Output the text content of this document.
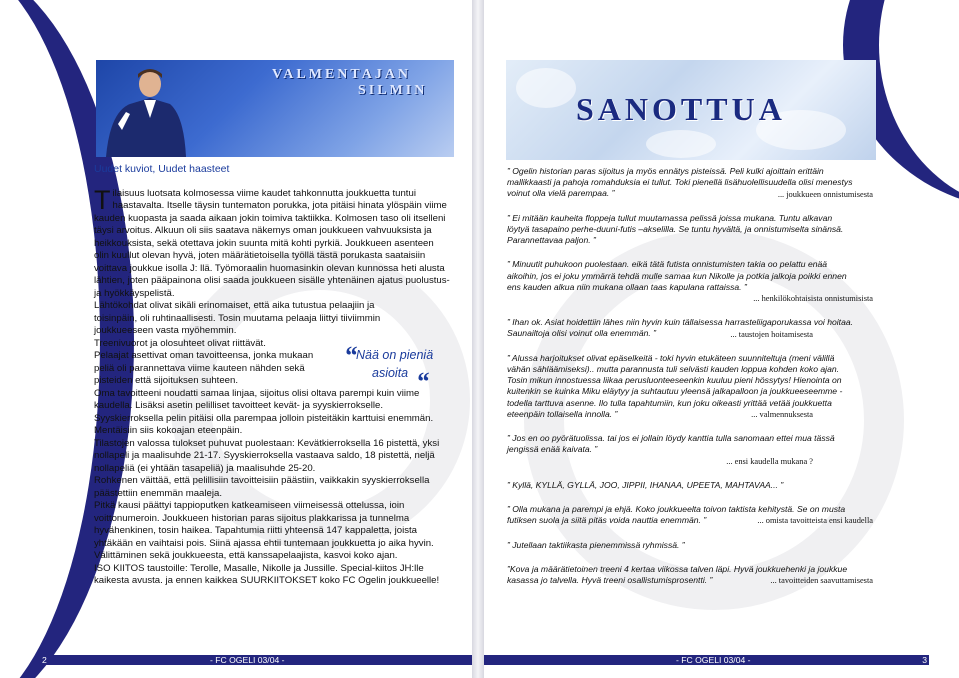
VALMENTAJAN
SILMIN

Uudet kuviot, Uudet haasteet

T ilaisuus luotsata kolmosessa viime kaudet tahkonnutta joukkuetta tuntui haastavalta. Itselle täysin tuntematon porukka, jota pitäisi hinata ylöspäin viime kauden kuopasta ja saada aikaan jokin toimiva taktiikka. Kolmosen taso oli itselleni täysi arvoitus. Alkuun oli siis saatava näkemys oman joukkueen vahvuuksista ja heikkouksista, sekä otettava jokin suunta mitä kohti pyrkiä. Joukkueen asenteen olin kuullut olevan hyvä, joten määrätietoisella työllä tästä porukasta saataisiin voittava joukkue isolla J: llä. Työmoraalin huomasinkin olevan kunnossa heti alusta lähtien, joten pääpainona olisi saada joukkueen sisälle yhtenäinen ajatus puolustus- ja hyökkäyspelistä.

Lähtökohdat olivat sikäli erinomaiset, että aika tutustua pelaajiin ja toisinpäin, oli ruhtinaallisesti. Tosin muutama pelaaja liittyi tiiviimmin joukkueeseen vasta myöhemmin.

Treenivuorot ja olosuhteet olivat riittävät.

Pelaajat asettivat oman tavoitteensa, jonka mukaan peliä oli parannettava viime kauteen nähden sekä pisteiden että sijoituksen suhteen.

Oma tavoitteeni noudatti samaa linjaa, sijoitus olisi oltava parempi kuin viime kaudella. Lisäksi asetin pelilliset tavoitteet kevät- ja syyskierrokselle. Syyskierroksella pelin pitäisi olla parempaa jolloin pisteitäkin karttuisi enemmän. Mentäisiin siis kokoajan eteenpäin.

Tilastojen valossa tulokset puhuvat puolestaan: Kevätkierroksella 16 pistettä, yksi nollapeli ja maalisuhde 21-17. Syyskierroksella vastaava saldo, 18 pistettä, neljä nollapeliä (ei yhtään tasapeliä) ja maalisuhde 25-20.

Rohkenen väittää, että pelillisiin tavoitteisiin päästiin, vaikkakin syyskierroksella päästettiin enemmän maaleja.

Pitkä kausi päättyi tappioputken katkeamiseen viimeisessä ottelussa, ioin voittonumeroin. Joukkueen historian paras sijoitus plakkarissa ja tunnelma hyvähenkinen, tosin haikea. Tapahtumia riitti yhteensä 147 kappaletta, joista yhtäkään en vaihtaisi pois. Siinä ajassa ehtii tuntemaan joukkuetta jo aika hyvin. Välittäminen sekä joukkueesta, että kanssapelaajista, kasvoi koko ajan.

ISO KIITOS taustoille: Terolle, Masalle, Nikolle ja Jussille. Special-kiitos JH:lle kaikesta avusta. ja ennen kaikkea SUURKIITOKSET koko FC Ogelin joukkueelle!

“ Nää on pieniä
asioita “
2	- FC OGELI 03/04 -
SANOTTUA

” Ogelin historian paras sijoitus ja myös ennätys pisteissä. Peli kulki ajoittain erittäin mallikkaasti ja pahoja romahduksia ei tullut. Toki pienellä lisähuolellisuudella olisi menestys voinut olla vielä parempaa. ”	... joukkueen onnistumisesta

” Ei mitään kauheita floppeja tullut muutamassa pelissä joissa mukana. Tuntu alkavan löytyä tasapaino perhe-duuni-futis –akselilla. Se tuntu hyvältä, ja onnistumiselta sinänsä. Parannettavaa paljon. ”

” Minuutit puhukoon puolestaan. eikä tätä futista onnistumisten takia oo pelattu enää aikoihin, jos ei joku ymmärrä tehdä mulle samaa kun Nikolle ja potkia jalkoja poikki ennen ens kauden alkua niin mukana ollaan taas kapulana rattaissa. ”

... henkilökohtaisista onnistumisista

” Ihan ok. Asiat hoidettiin lähes niin hyvin kuin tällaisessa harrasteliigaporukassa voi hoitaa. Saunailtoja olisi voinut olla enemmän. ”	... taustojen hoitamisesta

” Alussa harjoitukset olivat epäselkeitä - toki hyvin etukäteen suunniteltuja (meni välillä vähän sähläämiseksi).. mutta parannusta tuli selvästi kauden loppua kohden koko ajan. Tosin mikun innostuessa liikaa perusluonteeseenkin kuuluu pieni hössytys! Hienointa on kuitenkin se kuinka Miku eläytyy ja suhtautuu yleensä jalkapalloon ja joukkueeseemme - todella tarttuva asenne. Ilo tulla tapahtumiin, kun joku oikeasti yrittää vetää joukkuetta eteenpäin tollaisella innolla. ”	... valmennuksesta

” Jos en oo pyörätuolissa. tai jos ei jollain löydy kanttia tulla sanomaan ettei mua tässä jengissä enää kaivata. ”

... ensi kaudella mukana ?

” Kyllä, KYLLÄ, GYLLÄ, JOO, JIPPII, IHANAA, UPEETA, MAHTAVAA... ”

” Olla mukana ja parempi ja ehjä. Koko joukkueelta toivon taktista kehitystä. Se on musta futiksen suola ja siitä pitäs voida nauttia enemmän. ”	... omista tavoitteista ensi kaudella

” Jutellaan taktiikasta pienemmissä ryhmissä. ”

”Kova ja määrätietoinen treeni 4 kertaa viikossa talven läpi. Hyvä joukkuehenki ja joukkue kasassa jo talvella. Hyvä treeni osallistumisprosentti. ”	... tavoitteiden saavuttamisesta

- FC OGELI 03/04 -	3
